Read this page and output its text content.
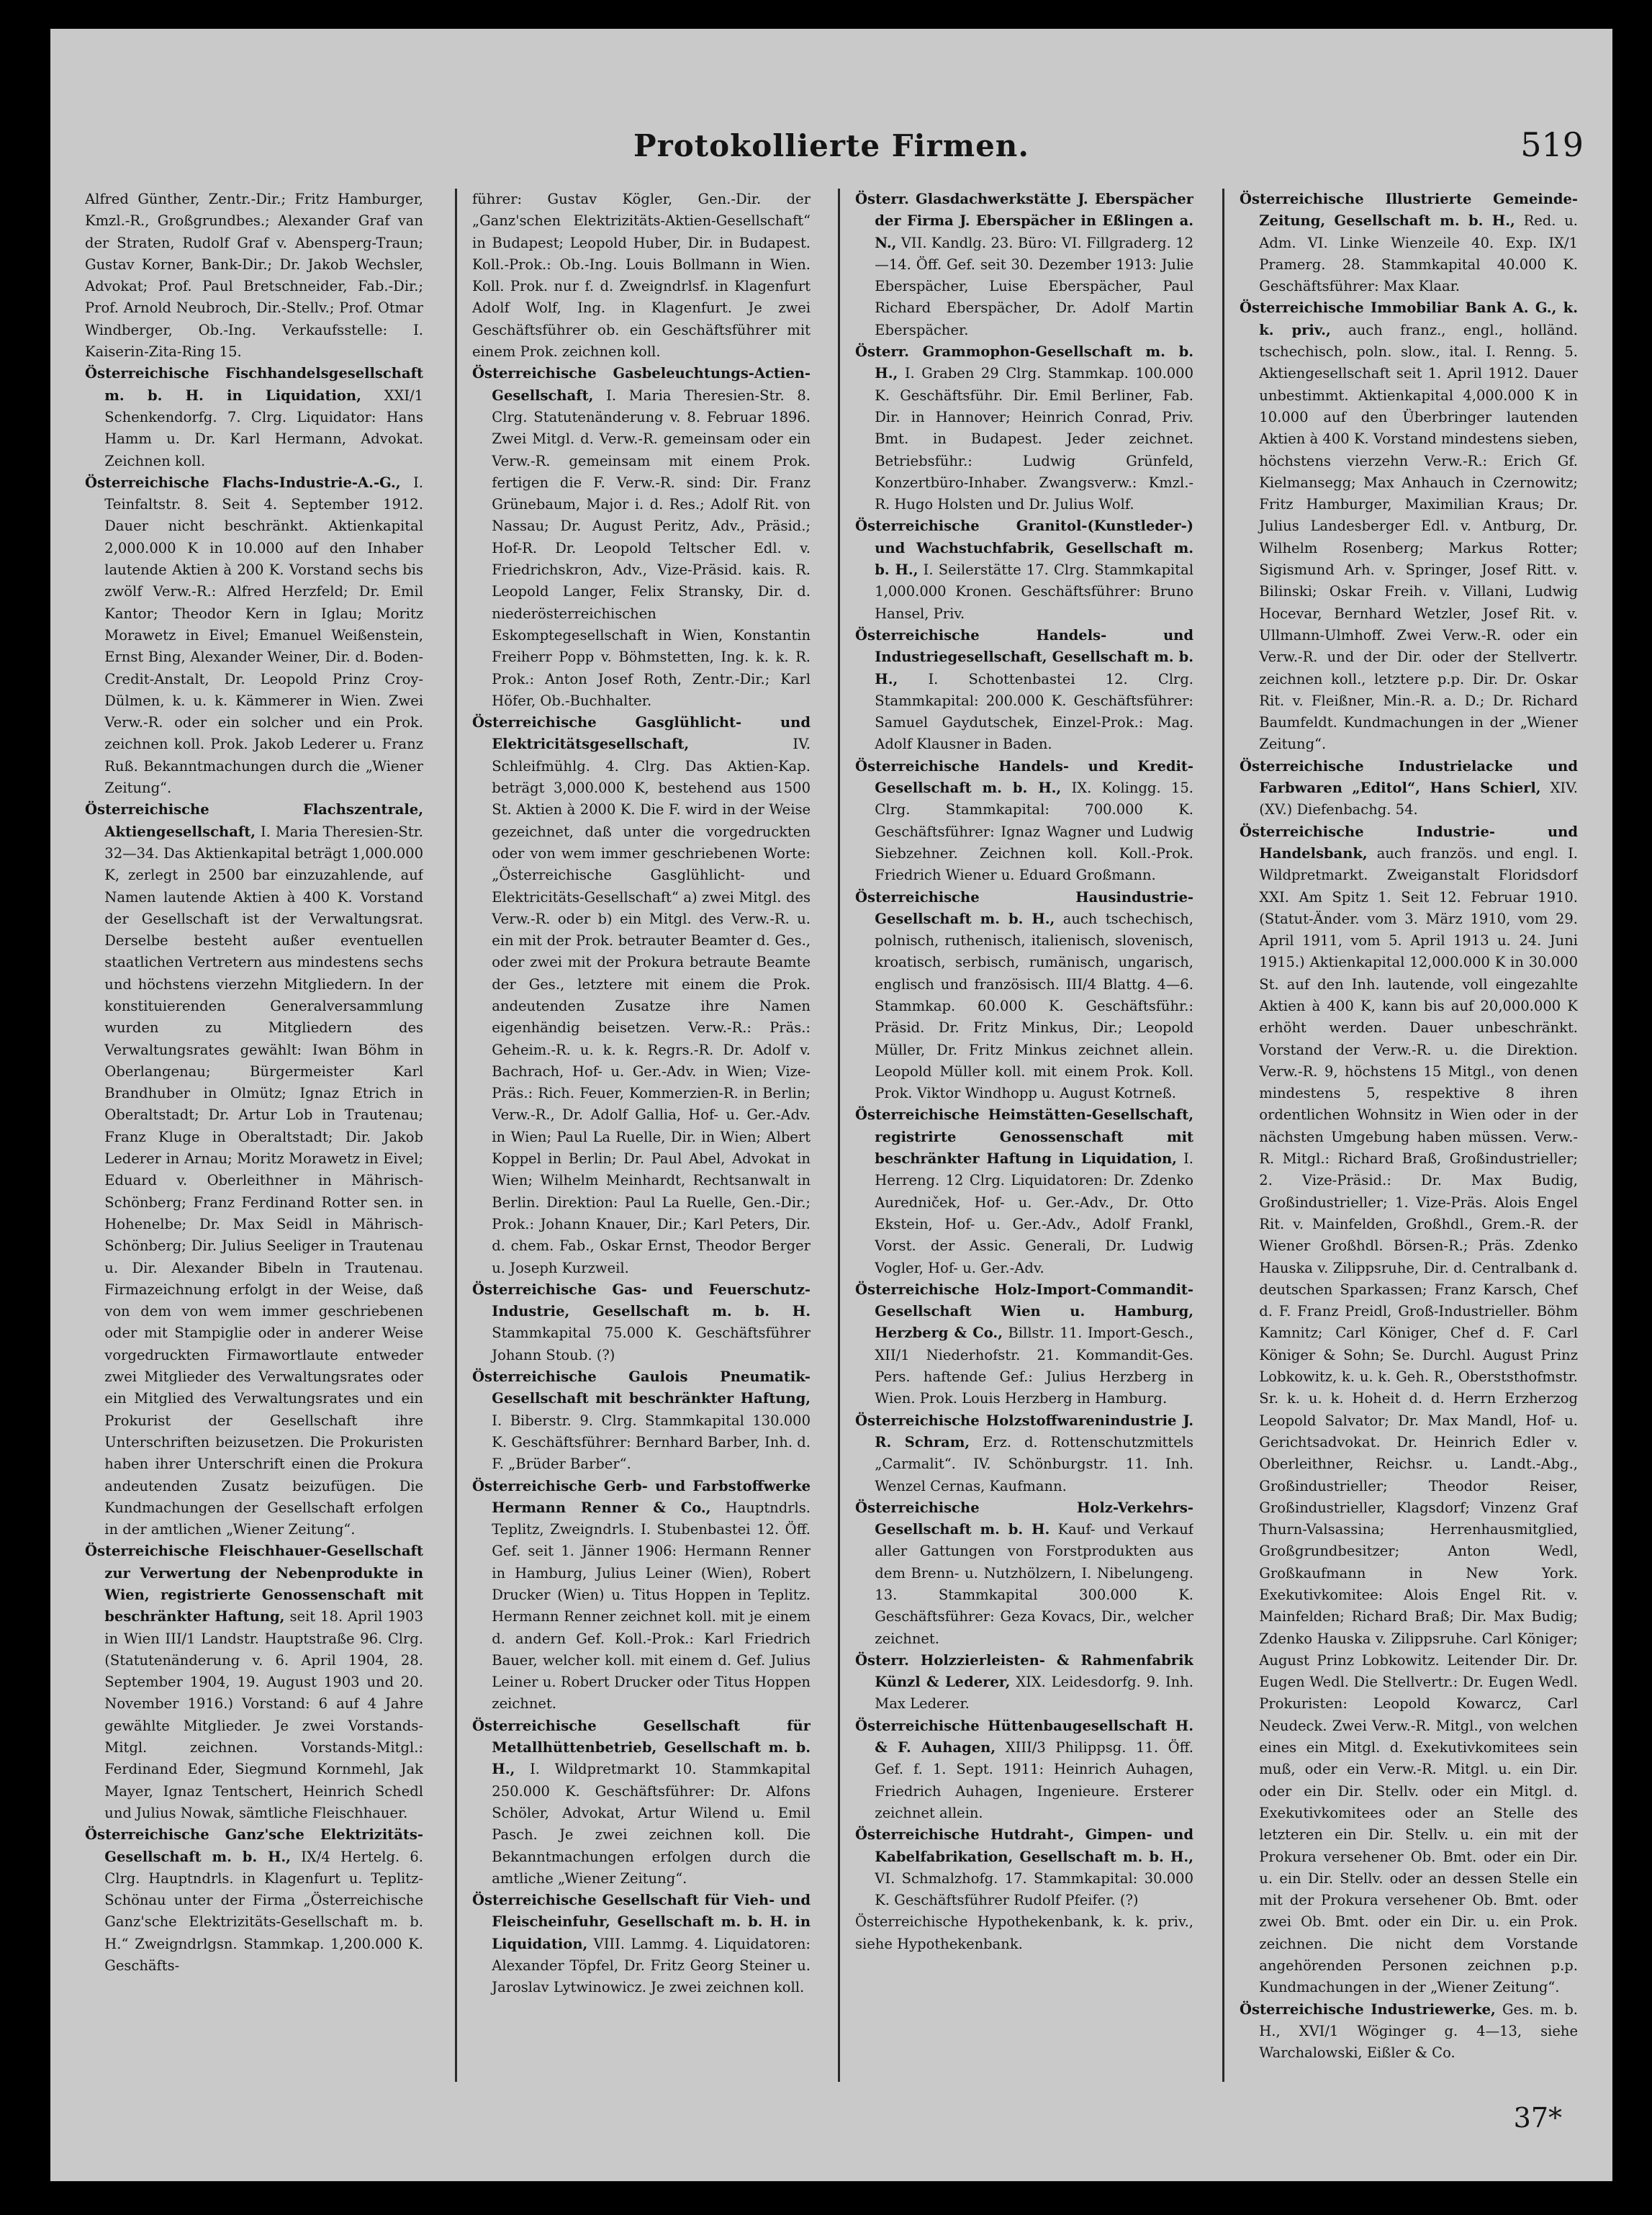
Protokollierte Firmen.	519

Alfred Günther, Zentr.-Dir.; Fritz Hamburger, Kmzl.-R., Großgrundbes.; Alexander Graf van der Straten, Rudolf Graf v. Abensperg-Traun; Gustav Korner, Bank-Dir.; Dr. Jakob Wechsler, Advokat; Prof. Paul Bretschneider, Fab.-Dir.; Prof. Arnold Neubroch, Dir.-Stellv.; Prof. Otmar Windberger, Ob.-Ing. Verkaufsstelle: I. Kaiserin-Zita-Ring 15.

Österreichische Fischhandelsgesellschaft m. b. H. in Liquidation, XXI/1 Schenkendorfg. 7. Clrg. Liquidator: Hans Hamm u. Dr. Karl Hermann, Advokat. Zeichnen koll.

Österreichische Flachs-Industrie-A.-G., I. Teinfaltstr. 8. Seit 4. September 1912. Dauer nicht beschränkt. Aktienkapital 2,000.000 K in 10.000 auf den Inhaber lautende Aktien à 200 K. Vorstand sechs bis zwölf Verw.-R.: Alfred Herzfeld; Dr. Emil Kantor; Theodor Kern in Iglau; Moritz Morawetz in Eivel; Emanuel Weißenstein, Ernst Bing, Alexander Weiner, Dir. d. Boden-Credit-Anstalt, Dr. Leopold Prinz Croy-Dülmen, k. u. k. Kämmerer in Wien. Zwei Verw.-R. oder ein solcher und ein Prok. zeichnen koll. Prok. Jakob Lederer u. Franz Ruß. Bekanntmachungen durch die „Wiener Zeitung“.

Österreichische Flachszentrale, Aktiengesellschaft, I. Maria Theresien-Str. 32—34. Das Aktienkapital beträgt 1,000.000 K, zerlegt in 2500 bar einzuzahlende, auf Namen lautende Aktien à 400 K. Vorstand der Gesellschaft ist der Verwaltungsrat. Derselbe besteht außer eventuellen staatlichen Vertretern aus mindestens sechs und höchstens vierzehn Mitgliedern. In der konstituierenden Generalversammlung wurden zu Mitgliedern des Verwaltungsrates gewählt: Iwan Böhm in Oberlangenau; Bürgermeister Karl Brandhuber in Olmütz; Ignaz Etrich in Oberaltstadt; Dr. Artur Lob in Trautenau; Franz Kluge in Oberaltstadt; Dir. Jakob Lederer in Arnau; Moritz Morawetz in Eivel; Eduard v. Oberleithner in Mährisch-Schönberg; Franz Ferdinand Rotter sen. in Hohenelbe; Dr. Max Seidl in Mährisch-Schönberg; Dir. Julius Seeliger in Trautenau u. Dir. Alexander Bibeln in Trautenau. Firmazeichnung erfolgt in der Weise, daß von dem von wem immer geschriebenen oder mit Stampiglie oder in anderer Weise vorgedruckten Firmawortlaute entweder zwei Mitglieder des Verwaltungsrates oder ein Mitglied des Verwaltungsrates und ein Prokurist der Gesellschaft ihre Unterschriften beizusetzen. Die Prokuristen haben ihrer Unterschrift einen die Prokura andeutenden Zusatz beizufügen. Die Kundmachungen der Gesellschaft erfolgen in der amtlichen „Wiener Zeitung“.

Österreichische Fleischhauer-Gesellschaft zur Verwertung der Nebenprodukte in Wien, registrierte Genossenschaft mit beschränkter Haftung, seit 18. April 1903 in Wien III/1 Landstr. Hauptstraße 96. Clrg. (Statutenänderung v. 6. April 1904, 28. September 1904, 19. August 1903 und 20. November 1916.) Vorstand: 6 auf 4 Jahre gewählte Mitglieder. Je zwei Vorstands-Mitgl. zeichnen. Vorstands-Mitgl.: Ferdinand Eder, Siegmund Kornmehl, Jak Mayer, Ignaz Tentschert, Heinrich Schedl und Julius Nowak, sämtliche Fleischhauer.

Österreichische Ganz'sche Elektrizitäts-Gesellschaft m. b. H., IX/4 Hertelg. 6. Clrg. Hauptndrls. in Klagenfurt u. Teplitz-Schönau unter der Firma „Österreichische Ganz'sche Elektrizitäts-Gesellschaft m. b. H.“ Zweigndrlgsn. Stammkap. 1,200.000 K. Geschäfts-

führer: Gustav Kögler, Gen.-Dir. der „Ganz'schen Elektrizitäts-Aktien-Gesellschaft“ in Budapest; Leopold Huber, Dir. in Budapest. Koll.-Prok.: Ob.-Ing. Louis Bollmann in Wien. Koll. Prok. nur f. d. Zweigndrlsf. in Klagenfurt Adolf Wolf, Ing. in Klagenfurt. Je zwei Geschäftsführer ob. ein Geschäftsführer mit einem Prok. zeichnen koll.

Österreichische Gasbeleuchtungs-Actien-Gesellschaft, I. Maria Theresien-Str. 8. Clrg. Statutenänderung v. 8. Februar 1896. Zwei Mitgl. d. Verw.-R. gemeinsam oder ein Verw.-R. gemeinsam mit einem Prok. fertigen die F. Verw.-R. sind: Dir. Franz Grünebaum, Major i. d. Res.; Adolf Rit. von Nassau; Dr. August Peritz, Adv., Präsid.; Hof-R. Dr. Leopold Teltscher Edl. v. Friedrichskron, Adv., Vize-Präsid. kais. R. Leopold Langer, Felix Stransky, Dir. d. niederösterreichischen Eskomptegesellschaft in Wien, Konstantin Freiherr Popp v. Böhmstetten, Ing. k. k. R. Prok.: Anton Josef Roth, Zentr.-Dir.; Karl Höfer, Ob.-Buchhalter.

Österreichische Gasglühlicht- und Elektricitätsgesellschaft,	IV. Schleifmühlg. 4. Clrg. Das Aktien-Kap. beträgt 3,000.000 K, bestehend aus 1500 St. Aktien à 2000 K. Die F. wird in der Weise gezeichnet, daß unter die vorgedruckten oder von wem immer geschriebenen Worte: „Österreichische Gasglühlicht- und Elektricitäts-Gesellschaft“ a) zwei Mitgl. des Verw.-R. oder b) ein Mitgl. des Verw.-R. u. ein mit der Prok. betrauter Beamter d. Ges., oder zwei mit der Prokura betraute Beamte der Ges., letztere mit einem die Prok. andeutenden Zusatze ihre Namen eigenhändig beisetzen. Verw.-R.: Präs.: Geheim.-R. u. k. k. Regrs.-R. Dr. Adolf v. Bachrach, Hof- u. Ger.-Adv. in Wien; Vize-Präs.: Rich. Feuer, Kommerzien-R. in Berlin; Verw.-R., Dr. Adolf Gallia, Hof- u. Ger.-Adv. in Wien; Paul La Ruelle, Dir. in Wien; Albert Koppel in Berlin; Dr. Paul Abel, Advokat in Wien; Wilhelm Meinhardt, Rechtsanwalt in Berlin. Direktion: Paul La Ruelle, Gen.-Dir.; Prok.: Johann Knauer, Dir.; Karl Peters, Dir. d. chem. Fab., Oskar Ernst, Theodor Berger u. Joseph Kurzweil.

Österreichische Gas- und Feuerschutz-Industrie, Gesellschaft m. b. H. Stammkapital 75.000 K. Geschäftsführer Johann Stoub. (?)

Österreichische Gaulois Pneumatik-Gesellschaft mit beschränkter Haftung, I. Biberstr. 9. Clrg. Stammkapital 130.000 K. Geschäftsführer: Bernhard Barber, Inh. d. F. „Brüder Barber“.

Österreichische Gerb- und Farbstoffwerke Hermann Renner & Co., Hauptndrls. Teplitz, Zweigndrls. I. Stubenbastei 12. Öff. Gef. seit 1. Jänner 1906: Hermann Renner in Hamburg, Julius Leiner (Wien), Robert Drucker (Wien) u. Titus Hoppen in Teplitz. Hermann Renner zeichnet koll. mit je einem d. andern Gef. Koll.-Prok.: Karl Friedrich Bauer, welcher koll. mit einem d. Gef. Julius Leiner u. Robert Drucker oder Titus Hoppen zeichnet.

Österreichische Gesellschaft für Metallhüttenbetrieb, Gesellschaft m. b. H., I. Wildpretmarkt 10. Stammkapital 250.000 K. Geschäftsführer: Dr. Alfons Schöler, Advokat, Artur Wilend u. Emil Pasch. Je zwei zeichnen koll. Die Bekanntmachungen erfolgen durch die amtliche „Wiener Zeitung“.

Österreichische Gesellschaft für Vieh- und Fleischeinfuhr, Gesellschaft m. b. H. in Liquidation, VIII. Lammg. 4. Liquidatoren: Alexander Töpfel, Dr. Fritz Georg Steiner u. Jaroslav Lytwinowicz. Je zwei zeichnen koll.

Österr. Glasdachwerkstätte J. Eberspächer der Firma J. Eberspächer in Eßlingen a. N., VII. Kandlg. 23. Büro: VI. Fillgraderg. 12—14. Öff. Gef. seit 30. Dezember 1913: Julie Eberspächer, Luise Eberspächer, Paul Richard Eberspächer, Dr. Adolf Martin Eberspächer.

Österr. Grammophon-Gesellschaft m. b. H., I. Graben 29 Clrg. Stammkap. 100.000 K. Geschäftsführ. Dir. Emil Berliner, Fab. Dir. in Hannover; Heinrich Conrad, Priv. Bmt. in Budapest. Jeder zeichnet. Betriebsführ.: Ludwig Grünfeld, Konzertbüro-Inhaber. Zwangsverw.: Kmzl.-R. Hugo Holsten und Dr. Julius Wolf.

Österreichische Granitol-(Kunstleder-) und Wachstuchfabrik, Gesellschaft m. b. H., I. Seilerstätte 17. Clrg. Stammkapital 1,000.000 Kronen. Geschäftsführer: Bruno Hansel, Priv.

Österreichische Handels- und Industriegesellschaft, Gesellschaft m. b. H., I. Schottenbastei 12. Clrg. Stammkapital: 200.000 K. Geschäftsführer: Samuel Gaydutschek, Einzel-Prok.: Mag. Adolf Klausner in Baden.

Österreichische Handels- und Kredit-Gesellschaft m. b. H., IX. Kolingg. 15. Clrg. Stammkapital: 700.000 K. Geschäftsführer: Ignaz Wagner und Ludwig Siebzehner. Zeichnen koll. Koll.-Prok. Friedrich Wiener u. Eduard Großmann.

Österreichische Hausindustrie-Gesellschaft m. b. H., auch tschechisch, polnisch, ruthenisch, italienisch, slovenisch, kroatisch, serbisch, rumänisch, ungarisch, englisch und französisch. III/4 Blattg. 4—6. Stammkap. 60.000 K. Geschäftsführ.: Präsid. Dr. Fritz Minkus, Dir.; Leopold Müller, Dr. Fritz Minkus zeichnet allein. Leopold Müller koll. mit einem Prok. Koll. Prok. Viktor Windhopp u. August Kotrneß.

Österreichische Heimstätten-Gesellschaft, registrirte Genossenschaft mit beschränkter Haftung in Liquidation, I. Herreng. 12 Clrg. Liquidatoren: Dr. Zdenko Auredniček, Hof- u. Ger.-Adv., Dr. Otto Ekstein, Hof- u. Ger.-Adv., Adolf Frankl, Vorst. der Assic. Generali, Dr. Ludwig Vogler, Hof- u. Ger.-Adv.

Österreichische Holz-Import-Commandit-Gesellschaft Wien u. Hamburg, Herzberg & Co., Billstr. 11. Import-Gesch., XII/1 Niederhofstr. 21. Kommandit-Ges. Pers. haftende Gef.: Julius Herzberg in Wien. Prok. Louis Herzberg in Hamburg.

Österreichische Holzstoffwarenindustrie J. R. Schram, Erz. d. Rottenschutzmittels „Carmalit“. IV. Schönburgstr. 11. Inh. Wenzel Cernas, Kaufmann.

Österreichische Holz-Verkehrs-Gesellschaft m. b. H. Kauf- und Verkauf aller Gattungen von Forstprodukten aus dem Brenn- u. Nutzhölzern, I. Nibelungeng. 13. Stammkapital 300.000 K. Geschäftsführer: Geza Kovacs, Dir., welcher zeichnet.

Österr. Holzzierleisten- & Rahmenfabrik Künzl & Lederer, XIX. Leidesdorfg. 9. Inh. Max Lederer.

Österreichische Hüttenbaugesellschaft H. & F. Auhagen, XIII/3 Philippsg. 11. Öff. Gef. f. 1. Sept. 1911: Heinrich Auhagen, Friedrich Auhagen, Ingenieure. Ersterer zeichnet allein.

Österreichische Hutdraht-, Gimpen- und Kabelfabrikation, Gesellschaft m. b. H., VI. Schmalzhofg. 17. Stammkapital: 30.000 K. Geschäftsführer Rudolf Pfeifer. (?)

Österreichische Hypothekenbank, k. k. priv., siehe Hypothekenbank.

Österreichische Illustrierte Gemeinde-Zeitung, Gesellschaft m. b. H., Red. u. Adm. VI. Linke Wienzeile 40. Exp. IX/1 Pramerg. 28. Stammkapital 40.000 K. Geschäftsführer: Max Klaar.

Österreichische Immobiliar Bank A. G., k. k. priv., auch franz., engl., holländ. tschechisch, poln. slow., ital. I. Renng. 5. Aktiengesellschaft seit 1. April 1912. Dauer unbestimmt. Aktienkapital 4,000.000 K in 10.000 auf den Überbringer lautenden Aktien à 400 K. Vorstand mindestens sieben, höchstens vierzehn Verw.-R.: Erich Gf. Kielmansegg; Max Anhauch in Czernowitz; Fritz Hamburger, Maximilian Kraus; Dr. Julius Landesberger Edl. v. Antburg, Dr. Wilhelm Rosenberg; Markus Rotter; Sigismund Arh. v. Springer, Josef Ritt. v. Bilinski; Oskar Freih. v. Villani, Ludwig Hocevar, Bernhard Wetzler, Josef Rit. v. Ullmann-Ulmhoff. Zwei Verw.-R. oder ein Verw.-R. und der Dir. oder der Stellvertr. zeichnen koll., letztere p.p. Dir. Dr. Oskar Rit. v. Fleißner, Min.-R. a. D.; Dr. Richard Baumfeldt. Kundmachungen in der „Wiener Zeitung“.

Österreichische Industrielacke und Farbwaren „Editol“, Hans Schierl, XIV. (XV.) Diefenbachg. 54.

Österreichische Industrie- und Handelsbank, auch französ. und engl. I. Wildpretmarkt. Zweiganstalt Floridsdorf XXI. Am Spitz 1. Seit 12. Februar 1910. (Statut-Änder. vom 3. März 1910, vom 29. April 1911, vom 5. April 1913 u. 24. Juni 1915.) Aktienkapital 12,000.000 K in 30.000 St. auf den Inh. lautende, voll eingezahlte Aktien à 400 K, kann bis auf 20,000.000 K erhöht werden. Dauer unbeschränkt. Vorstand der Verw.-R. u. die Direktion. Verw.-R. 9, höchstens 15 Mitgl., von denen mindestens 5, respektive 8 ihren ordentlichen Wohnsitz in Wien oder in der nächsten Umgebung haben müssen. Verw.-R. Mitgl.: Richard Braß, Großindustrieller; 2. Vize-Präsid.: Dr. Max Budig, Großindustrieller; 1. Vize-Präs. Alois Engel Rit. v. Mainfelden, Großhdl., Grem.-R. der Wiener Großhdl. Börsen-R.; Präs. Zdenko Hauska v. Zilippsruhe, Dir. d. Centralbank d. deutschen Sparkassen; Franz Karsch, Chef d. F. Franz Preidl, Groß-Industrieller. Böhm Kamnitz; Carl Königer, Chef d. F. Carl Königer & Sohn; Se. Durchl. August Prinz Lobkowitz, k. u. k. Geh. R., Oberststhofmstr. Sr. k. u. k. Hoheit d. d. Herrn Erzherzog Leopold Salvator; Dr. Max Mandl, Hof- u. Gerichtsadvokat. Dr. Heinrich Edler v. Oberleithner, Reichsr. u. Landt.-Abg., Großindustrieller; Theodor Reiser, Großindustrieller, Klagsdorf; Vinzenz Graf Thurn-Valsassina; Herrenhausmitglied, Großgrundbesitzer; Anton Wedl, Großkaufmann in New York. Exekutivkomitee: Alois Engel Rit. v. Mainfelden; Richard Braß; Dir. Max Budig; Zdenko Hauska v. Zilippsruhe. Carl Königer; August Prinz Lobkowitz. Leitender Dir. Dr. Eugen Wedl. Die Stellvertr.: Dr. Eugen Wedl. Prokuristen: Leopold Kowarcz, Carl Neudeck. Zwei Verw.-R. Mitgl., von welchen eines ein Mitgl. d. Exekutivkomitees sein muß, oder ein Verw.-R. Mitgl. u. ein Dir. oder ein Dir. Stellv. oder ein Mitgl. d. Exekutivkomitees oder an Stelle des letzteren ein Dir. Stellv. u. ein mit der Prokura versehener Ob. Bmt. oder ein Dir. u. ein Dir. Stellv. oder an dessen Stelle ein mit der Prokura versehener Ob. Bmt. oder zwei Ob. Bmt. oder ein Dir. u. ein Prok. zeichnen. Die nicht dem Vorstande angehörenden Personen zeichnen p.p. Kundmachungen in der „Wiener Zeitung“.

Österreichische Industriewerke, Ges. m. b. H., XVI/1 Wöginger g. 4—13, siehe Warchalowski, Eißler & Co.

37*
